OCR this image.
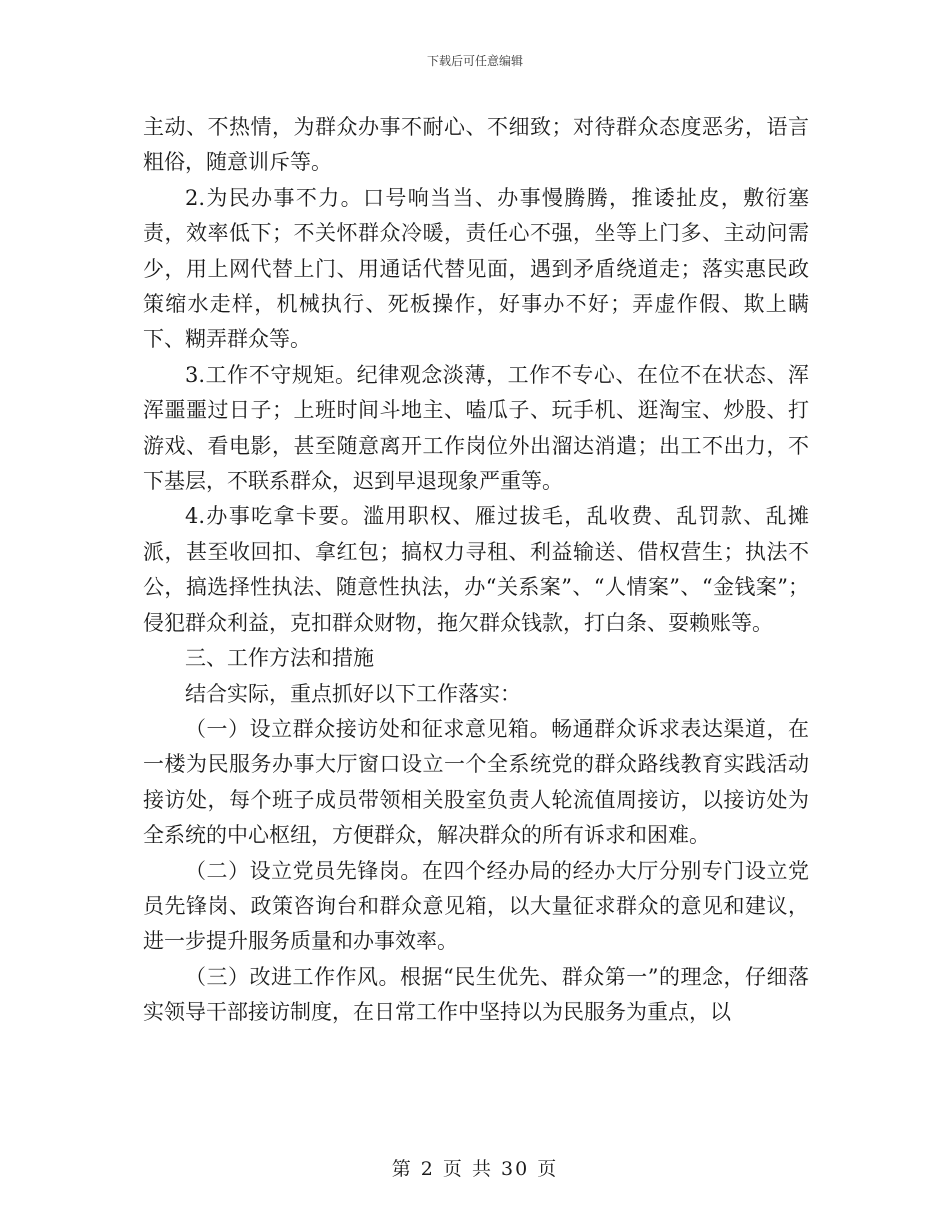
下载后可任意编辑

主动、不热情，为群众办事不耐心、不细致；对待群众态度恶劣，语言粗俗，随意训斥等。

2.为民办事不力。口号响当当、办事慢腾腾，推诿扯皮，敷衍塞责，效率低下；不关怀群众冷暖，责任心不强，坐等上门多、主动问需少，用上网代替上门、用通话代替见面，遇到矛盾绕道走；落实惠民政策缩水走样，机械执行、死板操作，好事办不好；弄虚作假、欺上瞒下、糊弄群众等。

3.工作不守规矩。纪律观念淡薄，工作不专心、在位不在状态、浑浑噩噩过日子；上班时间斗地主、嗑瓜子、玩手机、逛淘宝、炒股、打游戏、看电影，甚至随意离开工作岗位外出溜达消遣；出工不出力，不下基层，不联系群众，迟到早退现象严重等。

4.办事吃拿卡要。滥用职权、雁过拔毛，乱收费、乱罚款、乱摊派，甚至收回扣、拿红包；搞权力寻租、利益输送、借权营生；执法不公，搞选择性执法、随意性执法，办“关系案”、“人情案”、“金钱案”；侵犯群众利益，克扣群众财物，拖欠群众钱款，打白条、耍赖账等。

三、工作方法和措施

结合实际，重点抓好以下工作落实：

（一）设立群众接访处和征求意见箱。畅通群众诉求表达渠道，在一楼为民服务办事大厅窗口设立一个全系统党的群众路线教育实践活动接访处，每个班子成员带领相关股室负责人轮流值周接访，以接访处为全系统的中心枢纽，方便群众，解决群众的所有诉求和困难。

（二）设立党员先锋岗。在四个经办局的经办大厅分别专门设立党员先锋岗、政策咨询台和群众意见箱，以大量征求群众的意见和建议，进一步提升服务质量和办事效率。

（三）改进工作作风。根据“民生优先、群众第一”的理念，仔细落实领导干部接访制度，在日常工作中坚持以为民服务为重点，以

第 2 页 共 30 页
